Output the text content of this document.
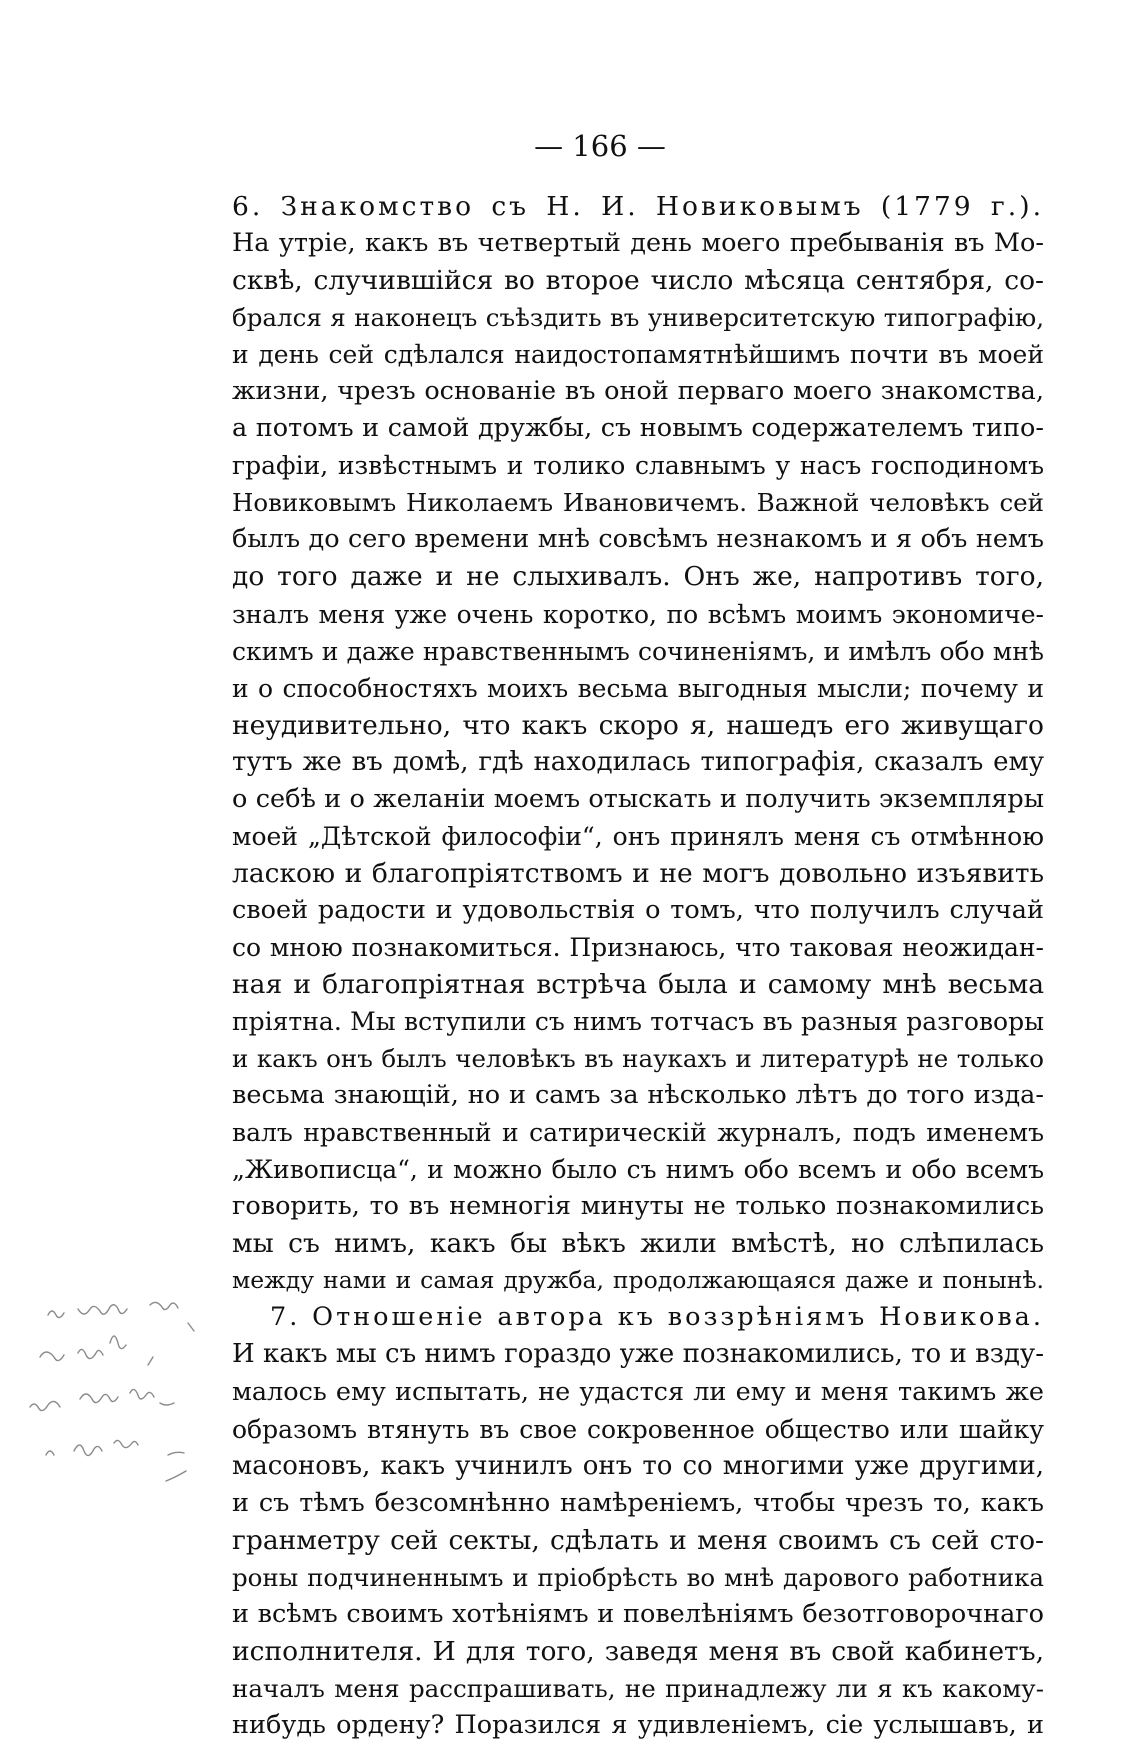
— 166 —
6. Знакомство съ Н. И. Новиковымъ (1779 г.).
На утріе, какъ въ четвертый день моего пребыванія въ Мо-
сквѣ, случившійся во второе число мѣсяца сентября, со-
брался я наконецъ съѣздить въ университетскую типографію,
и день сей сдѣлался наидостопамятнѣйшимъ почти въ моей
жизни, чрезъ основаніе въ оной перваго моего знакомства,
а потомъ и самой дружбы, съ новымъ содержателемъ типо-
графіи, извѣстнымъ и толико славнымъ у насъ господиномъ
Новиковымъ Николаемъ Ивановичемъ. Важной человѣкъ сей
былъ до сего времени мнѣ совсѣмъ незнакомъ и я объ немъ
до того даже и не слыхивалъ. Онъ же, напротивъ того,
зналъ меня уже очень коротко, по всѣмъ моимъ экономиче-
скимъ и даже нравственнымъ сочиненіямъ, и имѣлъ обо мнѣ
и о способностяхъ моихъ весьма выгодныя мысли; почему и
неудивительно, что какъ скоро я, нашедъ его живущаго
тутъ же въ домѣ, гдѣ находилась типографія, сказалъ ему
о себѣ и о желаніи моемъ отыскать и получить экземпляры
моей „Дѣтской философіи“, онъ принялъ меня съ отмѣнною
ласкою и благопріятствомъ и не могъ довольно изъявить
своей радости и удовольствія о томъ, что получилъ случай
со мною познакомиться. Признаюсь, что таковая неожидан-
ная и благопріятная встрѣча была и самому мнѣ весьма
пріятна. Мы вступили съ нимъ тотчасъ въ разныя разговоры
и какъ онъ былъ человѣкъ въ наукахъ и литературѣ не только
весьма знающій, но и самъ за нѣсколько лѣтъ до того изда-
валъ нравственный и сатирическій журналъ, подъ именемъ
„Живописца“, и можно было съ нимъ обо всемъ и обо всемъ
говорить, то въ немногія минуты не только познакомились
мы съ нимъ, какъ бы вѣкъ жили вмѣстѣ, но слѣпилась
между нами и самая дружба, продолжающаяся даже и понынѣ.
7. Отношеніе автора къ воззрѣніямъ Новикова.
И какъ мы съ нимъ гораздо уже познакомились, то и взду-
малось ему испытать, не удастся ли ему и меня такимъ же
образомъ втянуть въ свое сокровенное общество или шайку
масоновъ, какъ учинилъ онъ то со многими уже другими,
и съ тѣмъ безсомнѣнно намѣреніемъ, чтобы чрезъ то, какъ
гранметру сей секты, сдѣлать и меня своимъ съ сей сто-
роны подчиненнымъ и пріобрѣсть во мнѣ дарового работника
и всѣмъ своимъ хотѣніямъ и повелѣніямъ безотговорочнаго
исполнителя. И для того, заведя меня въ свой кабинетъ,
началъ меня расспрашивать, не принадлежу ли я къ какому-
нибудь ордену? Поразился я удивленіемъ, сіе услышавъ, и
